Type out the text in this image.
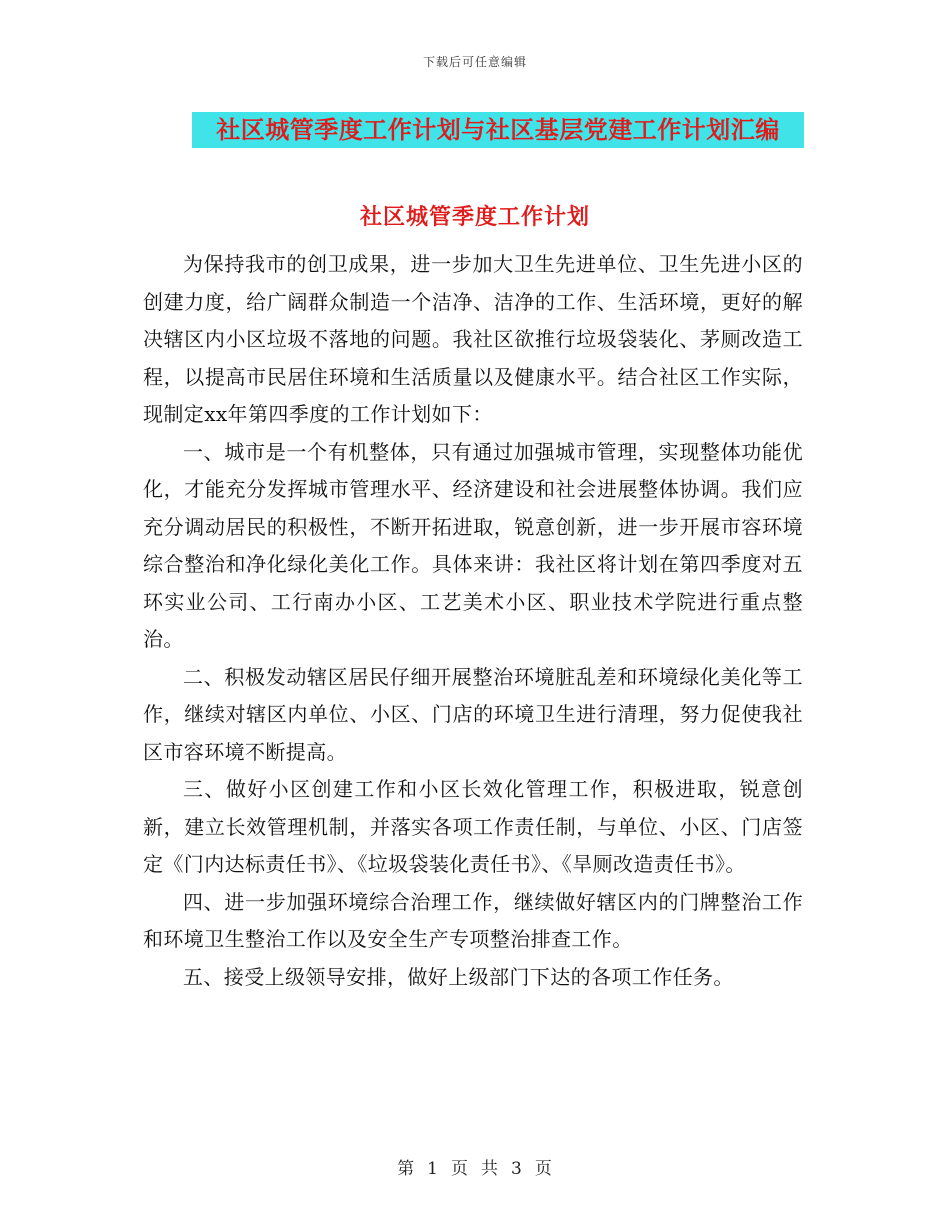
下载后可任意编辑
社区城管季度工作计划与社区基层党建工作计划汇编
社区城管季度工作计划

为保持我市的创卫成果，进一步加大卫生先进单位、卫生先进小区的创建力度，给广阔群众制造一个洁净、洁净的工作、生活环境，更好的解决辖区内小区垃圾不落地的问题。我社区欲推行垃圾袋装化、茅厕改造工程，以提高市民居住环境和生活质量以及健康水平。结合社区工作实际，现制定xx年第四季度的工作计划如下：

一、城市是一个有机整体，只有通过加强城市管理，实现整体功能优化，才能充分发挥城市管理水平、经济建设和社会进展整体协调。我们应充分调动居民的积极性，不断开拓进取，锐意创新，进一步开展市容环境综合整治和净化绿化美化工作。具体来讲：我社区将计划在第四季度对五环实业公司、工行南办小区、工艺美术小区、职业技术学院进行重点整治。

二、积极发动辖区居民仔细开展整治环境脏乱差和环境绿化美化等工作，继续对辖区内单位、小区、门店的环境卫生进行清理，努力促使我社区市容环境不断提高。

三、做好小区创建工作和小区长效化管理工作，积极进取，锐意创新，建立长效管理机制，并落实各项工作责任制，与单位、小区、门店签定《门内达标责任书》、《垃圾袋装化责任书》、《旱厕改造责任书》。

四、进一步加强环境综合治理工作，继续做好辖区内的门牌整治工作和环境卫生整治工作以及安全生产专项整治排查工作。

五、接受上级领导安排，做好上级部门下达的各项工作任务。

第 1 页 共 3 页
